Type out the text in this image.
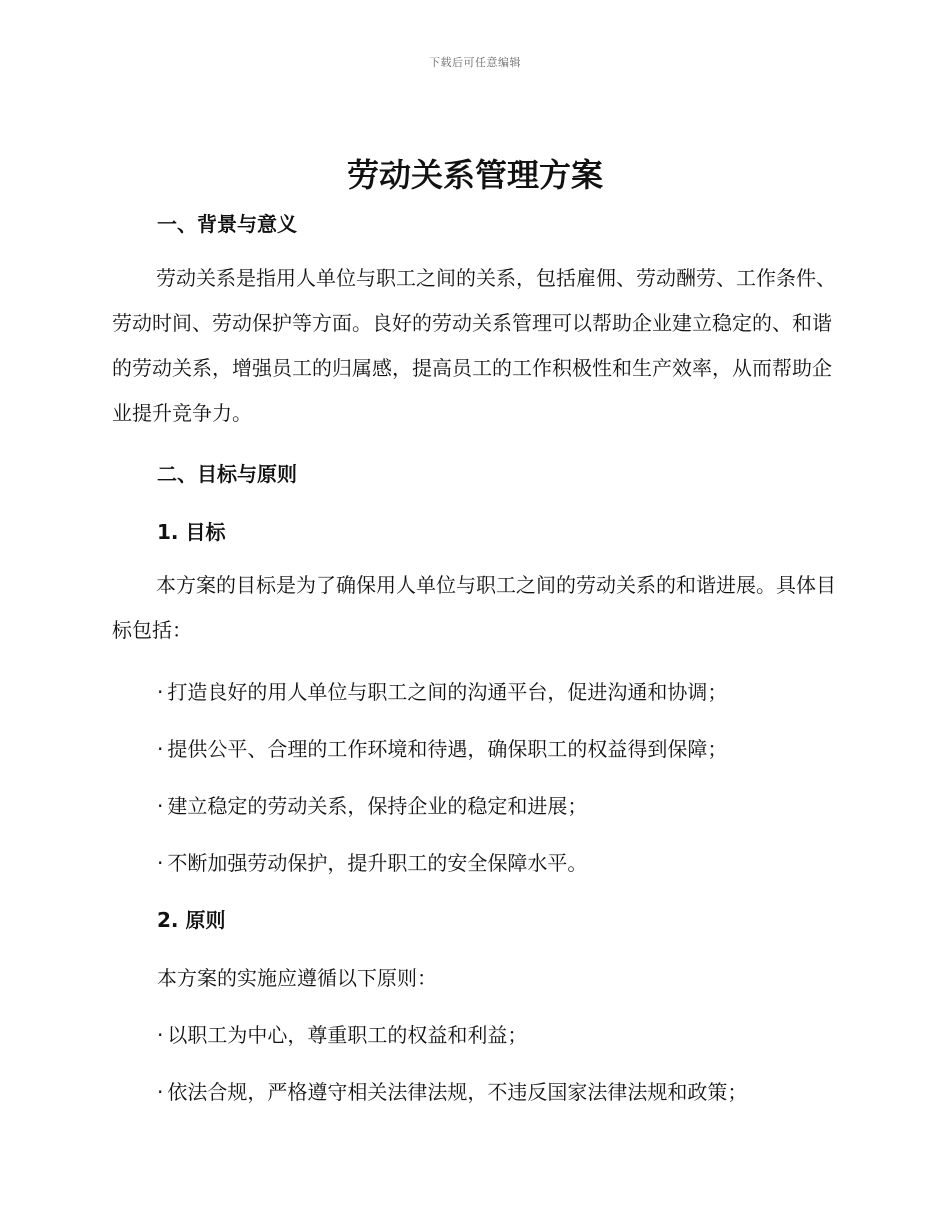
下载后可任意编辑
劳动关系管理方案
一、背景与意义

劳动关系是指用人单位与职工之间的关系，包括雇佣、劳动酬劳、工作条件、劳动时间、劳动保护等方面。良好的劳动关系管理可以帮助企业建立稳定的、和谐的劳动关系，增强员工的归属感，提高员工的工作积极性和生产效率，从而帮助企业提升竞争力。

二、目标与原则
1. 目标

本方案的目标是为了确保用人单位与职工之间的劳动关系的和谐进展。具体目标包括：

· 打造良好的用人单位与职工之间的沟通平台，促进沟通和协调；

· 提供公平、合理的工作环境和待遇，确保职工的权益得到保障；

· 建立稳定的劳动关系，保持企业的稳定和进展；

· 不断加强劳动保护，提升职工的安全保障水平。

2. 原则

本方案的实施应遵循以下原则：

· 以职工为中心，尊重职工的权益和利益；

· 依法合规，严格遵守相关法律法规，不违反国家法律法规和政策；
